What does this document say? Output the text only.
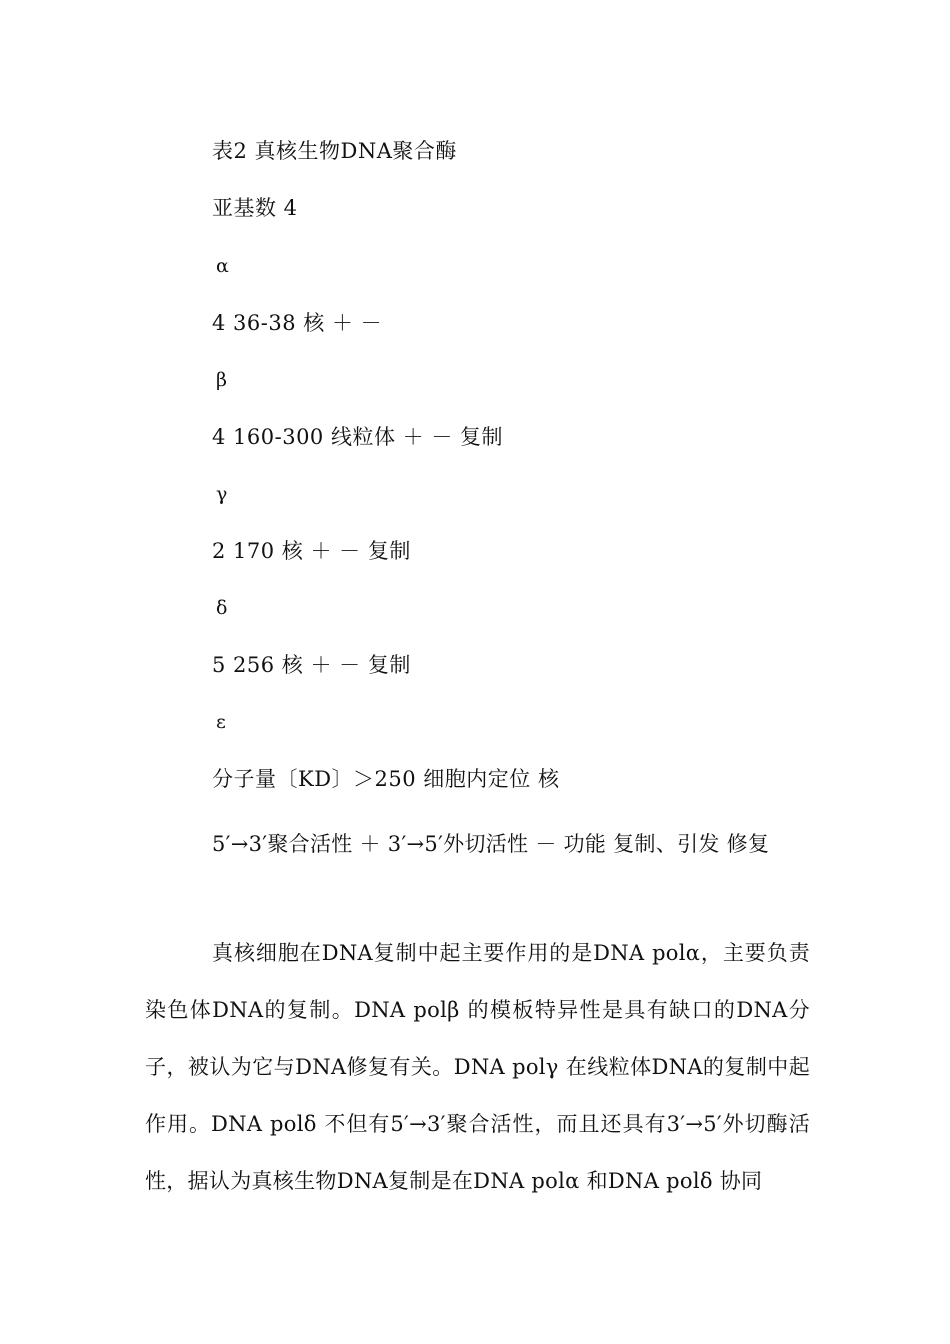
表2 真核生物DNA聚合酶
亚基数 4
α
4 36-38 核 ＋ －
β
4 160-300 线粒体 ＋ － 复制
γ
2 170 核 ＋ － 复制
δ
5 256 核 ＋ － 复制
ε
分子量〔KD〕＞250 细胞内定位 核
5′→3′聚合活性 ＋ 3′→5′外切活性 － 功能 复制、引发 修复
真核细胞在DNA复制中起主要作用的是DNA polα，主要负责染色体DNA的复制。DNA polβ 的模板特异性是具有缺口的DNA分子，被认为它与DNA修复有关。DNA polγ 在线粒体DNA的复制中起作用。DNA polδ 不但有5′→3′聚合活性，而且还具有3′→5′外切酶活性，据认为真核生物DNA复制是在DNA polα 和DNA polδ 协同
